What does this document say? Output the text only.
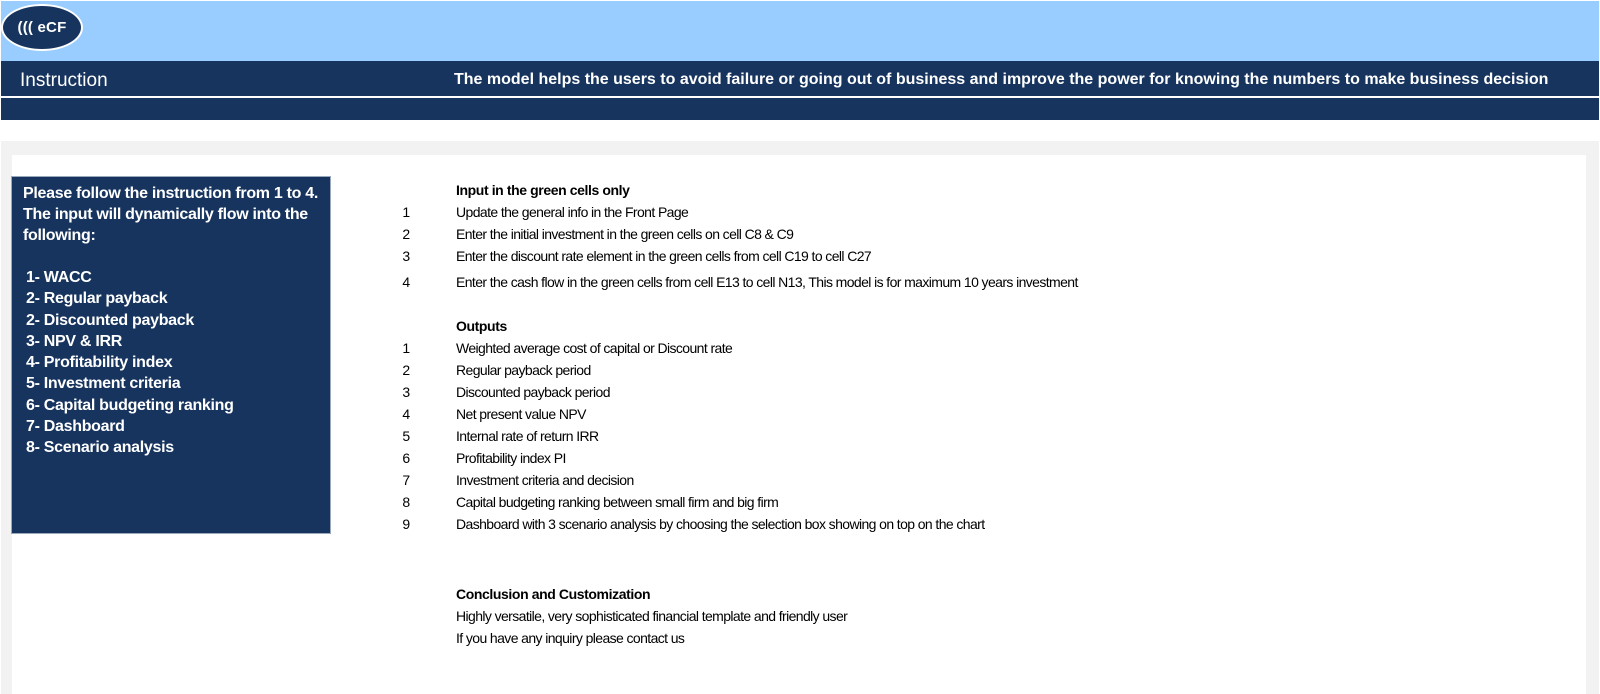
((( eCF
Instruction	The model helps the users to avoid failure or going out of business and improve the power for knowing the numbers to make business decision
Please follow the instruction from 1 to 4. The input will dynamically flow into the following:
1- WACC
2- Regular payback
2- Discounted payback
3- NPV & IRR
4- Profitability index
5- Investment criteria
6- Capital budgeting ranking
7- Dashboard
8- Scenario analysis
Input in the green cells only
1	Update the general info in the Front Page
2	Enter the initial investment in the green cells on cell C8 & C9
3	Enter the discount rate element in the green cells from cell C19 to cell C27
4	Enter the cash flow in the green cells from cell E13 to cell N13, This model is for maximum 10 years investment
Outputs
1	Weighted average cost of capital or Discount rate
2	Regular payback period
3	Discounted payback period
4	Net present value NPV
5	Internal rate of return IRR
6	Profitability index PI
7	Investment criteria and decision
8	Capital budgeting ranking between small firm and big firm
9	Dashboard with 3 scenario analysis by choosing the selection box showing on top on the chart
Conclusion and Customization
Highly versatile, very sophisticated financial template and friendly user
If you have any inquiry please contact us
